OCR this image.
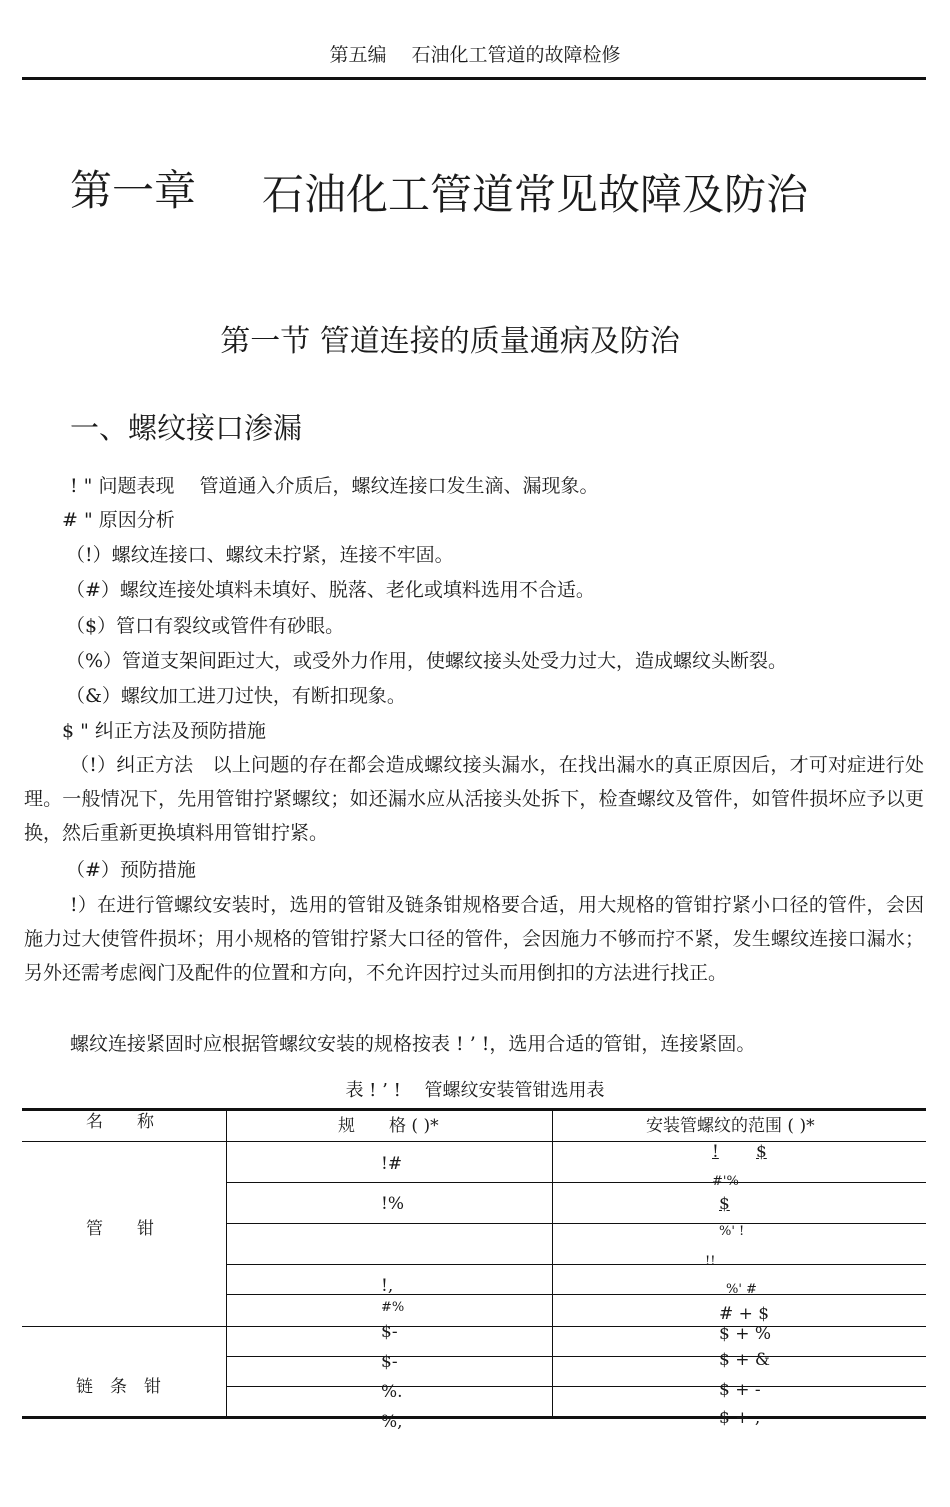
第五编　 石油化工管道的故障检修
第一章 石油化工管道常见故障及防治
第一节 管道连接的质量通病及防治
一、螺纹接口渗漏
! " 问题表现　 管道通入介质后，螺纹连接口发生滴、漏现象。
# " 原因分析
（!）螺纹连接口、螺纹未拧紧，连接不牢固。
（#）螺纹连接处填料未填好、脱落、老化或填料选用不合适。
（$）管口有裂纹或管件有砂眼。
（%）管道支架间距过大，或受外力作用，使螺纹接头处受力过大，造成螺纹头断裂。
（&）螺纹加工进刀过快，有断扣现象。
$ " 纠正方法及预防措施
（!）纠正方法　以上问题的存在都会造成螺纹接头漏水，在找出漏水的真正原因后，才可对症进行处理。一般情况下，先用管钳拧紧螺纹；如还漏水应从活接头处拆下，检查螺纹及管件，如管件损坏应予以更换，然后重新更换填料用管钳拧紧。
（#）预防措施
!）在进行管螺纹安装时，选用的管钳及链条钳规格要合适，用大规格的管钳拧紧小口径的管件，会因施力过大使管件损坏；用小规格的管钳拧紧大口径的管件，会因施力不够而拧不紧，发生螺纹连接口漏水；另外还需考虑阀门及配件的位置和方向，不允许因拧过头而用倒扣的方法进行找正。
螺纹连接紧固时应根据管螺纹安装的规格按表 ! ’ !，选用合适的管钳，连接紧固。
表 ! ’ !　 管螺纹安装管钳选用表
名　　称	规　　格 ( )*	安装管螺纹的范围 ( )*
管　　钳
链　条　钳
!#
!%
!,
#%
$-
$-
%.
%,
! $
#'%
$
%' !
!!
%' #
# + $
$ + %
$ + &
$ + -
$ + ,
